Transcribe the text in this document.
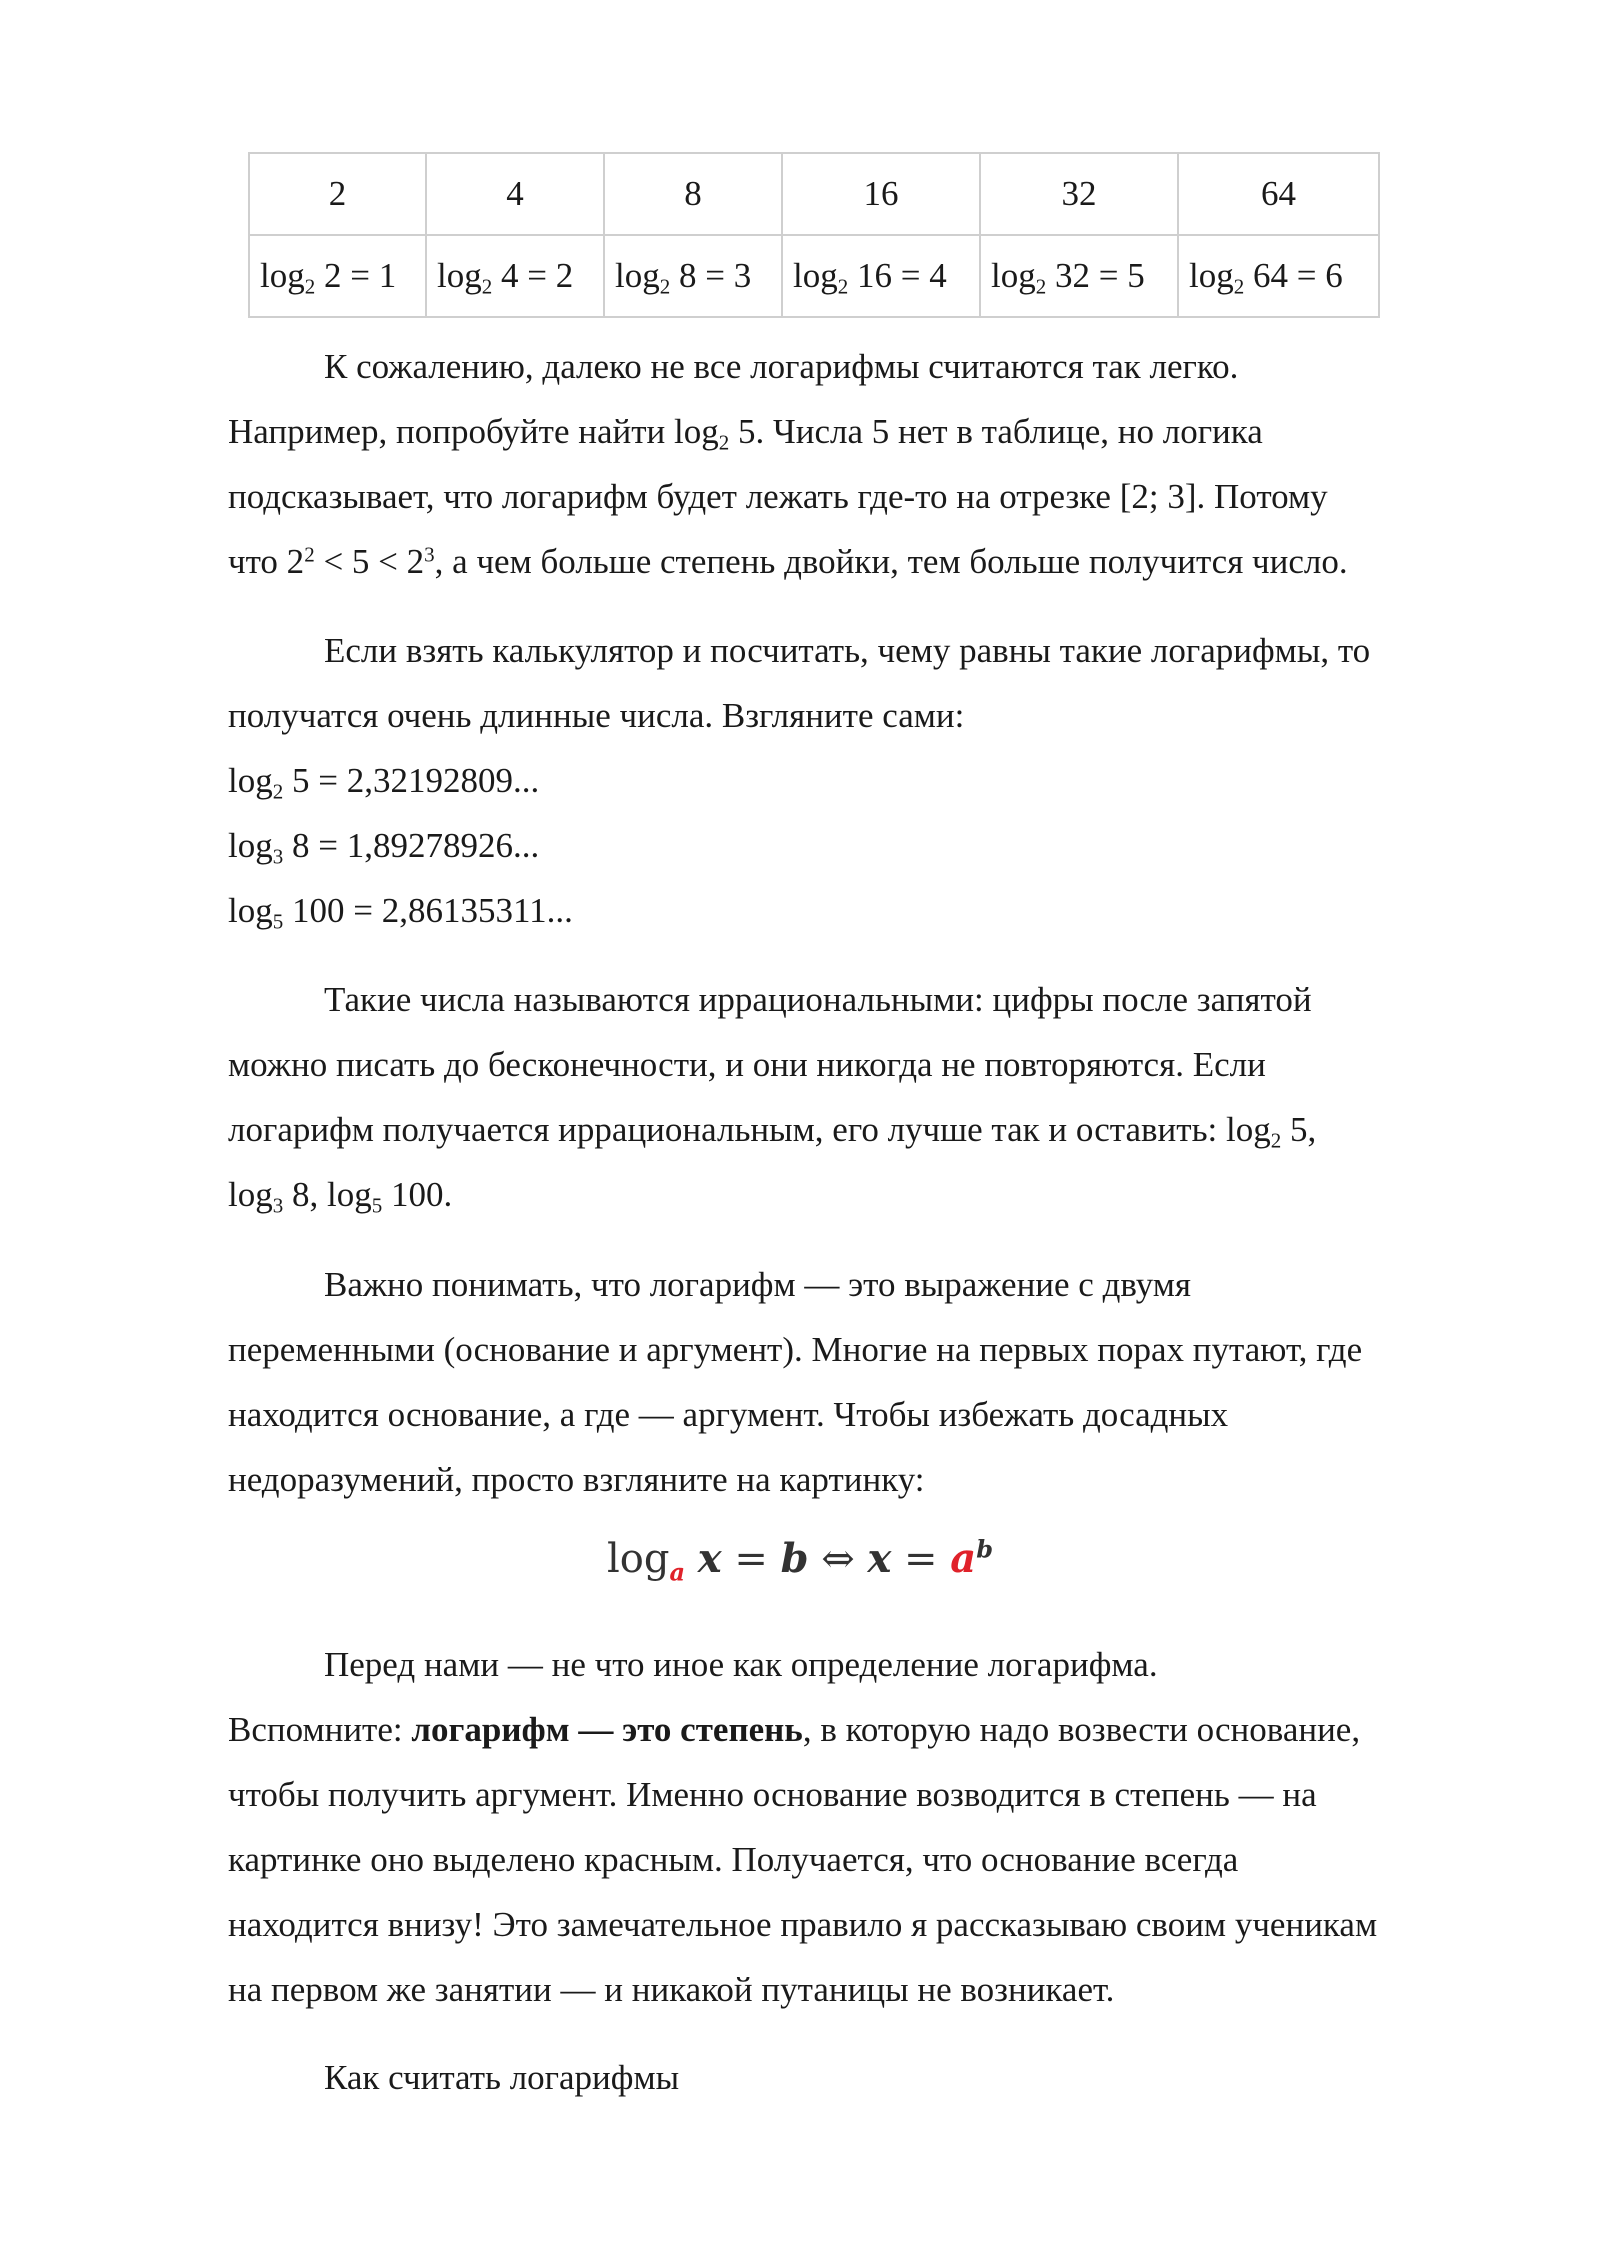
2	4	8	16	32	64
$\log_2 2 = 1$	$\log_2 4 = 2$	$\log_2 8 = 3$	$\log_2 16 = 4$	$\log_2 32 = 5$	$\log_2 64 = 6$
К сожалению, далеко не все логарифмы считаются так легко.
Например, попробуйте найти $\log_2 5$. Числа 5 нет в таблице, но логика
подсказывает, что логарифм будет лежать где-то на отрезке [2; 3]. Потому
что $2^2 < 5 < 2^3$, а чем больше степень двойки, тем больше получится число.
Если взять калькулятор и посчитать, чему равны такие логарифмы, то
получатся очень длинные числа. Взгляните сами:
$\log_2 5 = 2,32192809$...
$\log_3 8 = 1,89278926$...
$\log_5 100 = 2,86135311$...
Такие числа называются иррациональными: цифры после запятой
можно писать до бесконечности, и они никогда не повторяются. Если
логарифм получается иррациональным, его лучше так и оставить: $\log_2 5$,
$\log_3 8$, $\log_5 100$.
Важно понимать, что логарифм — это выражение с двумя
переменными (основание и аргумент). Многие на первых порах путают, где
находится основание, а где — аргумент. Чтобы избежать досадных
недоразумений, просто взгляните на картинку:
$\log_a x = b$ ⇔ $x = a^b$
Перед нами — не что иное как определение логарифма.
Вспомните: логарифм — это степень, в которую надо возвести основание,
чтобы получить аргумент. Именно основание возводится в степень — на
картинке оно выделено красным. Получается, что основание всегда
находится внизу! Это замечательное правило я рассказываю своим ученикам
на первом же занятии — и никакой путаницы не возникает.
Как считать логарифмы
